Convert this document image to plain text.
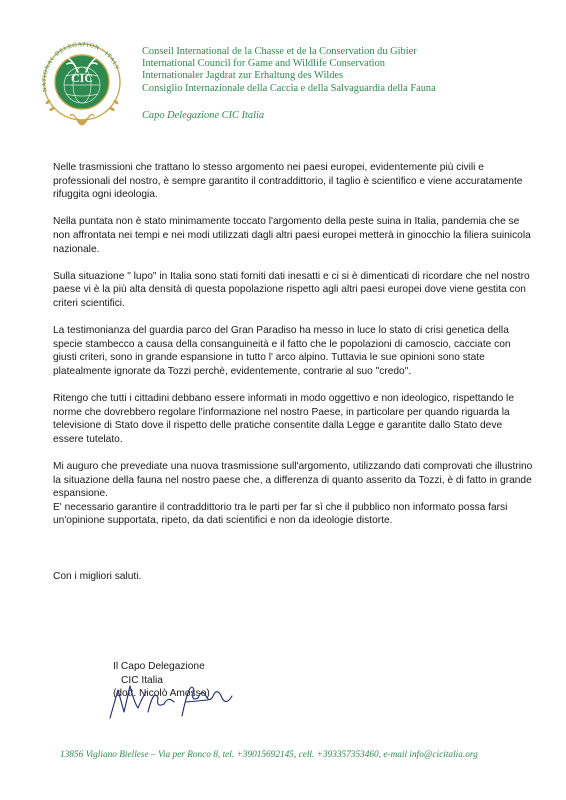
NATIONAL DELEGATION · ITALY
CIC
Conseil International de la Chasse et de la Conservation du Gibier
International Council for Game and Wildlife Conservation
Internationaler Jagdrat zur Erhaltung des Wildes
Consiglio Internazionale della Caccia e della Salvaguardia della Fauna
Capo Delegazione CIC Italia

Nelle trasmissioni che trattano lo stesso argomento nei paesi europei, evidentemente più civili e professionali del nostro, è sempre garantito il contraddittorio, il taglio è scientifico e viene accuratamente rifuggita ogni ideologia.

Nella puntata non è stato minimamente toccato l'argomento della peste suina in Italia, pandemia che se non affrontata nei tempi e nei modi utilizzati dagli altri paesi europei metterà in ginocchio la filiera suinicola nazionale.

Sulla situazione " lupo" in Italia sono stati forniti dati inesatti e ci si è dimenticati di ricordare che nel nostro paese vi è la più alta densità di questa popolazione rispetto agli altri paesi europei dove viene gestita con criteri scientifici.

La testimonianza del guardia parco del Gran Paradiso ha messo in luce lo stato di crisi genetica della specie stambecco a causa della consanguineità e il fatto che le popolazioni di camoscio, cacciate con giusti criteri, sono in grande espansione in tutto l' arco alpino. Tuttavia le sue opinioni sono state platealmente ignorate da Tozzi perchè, evidentemente, contrarie al suo "credo".

Ritengo che tutti i cittadini debbano essere informati in modo oggettivo e non ideologico, rispettando le norme che dovrebbero regolare l'informazione nel nostro Paese, in particolare per quando riguarda la televisione di Stato dove il rispetto delle pratiche consentite dalla Legge e garantite dallo Stato deve essere tutelato.

Mi auguro che prevediate una nuova trasmissione sull'argomento, utilizzando dati comprovati che illustrino la situazione della fauna nel nostro paese che, a differenza di quanto asserito da Tozzi, è di fatto in grande espansione.

E' necessario garantire il contraddittorio tra le parti per far sì che il pubblico non informato possa farsi un'opinione supportata, ripeto, da dati scientifici e non da ideologie distorte.

Con i migliori saluti.
Il Capo Delegazione
CIC Italia
(dott. Nicolò Amosso)
13856 Vigliano Biellese – Via per Ronco 8, tel. +39015692145, cell. +393357353460, e-mail info@cicitalia.org
